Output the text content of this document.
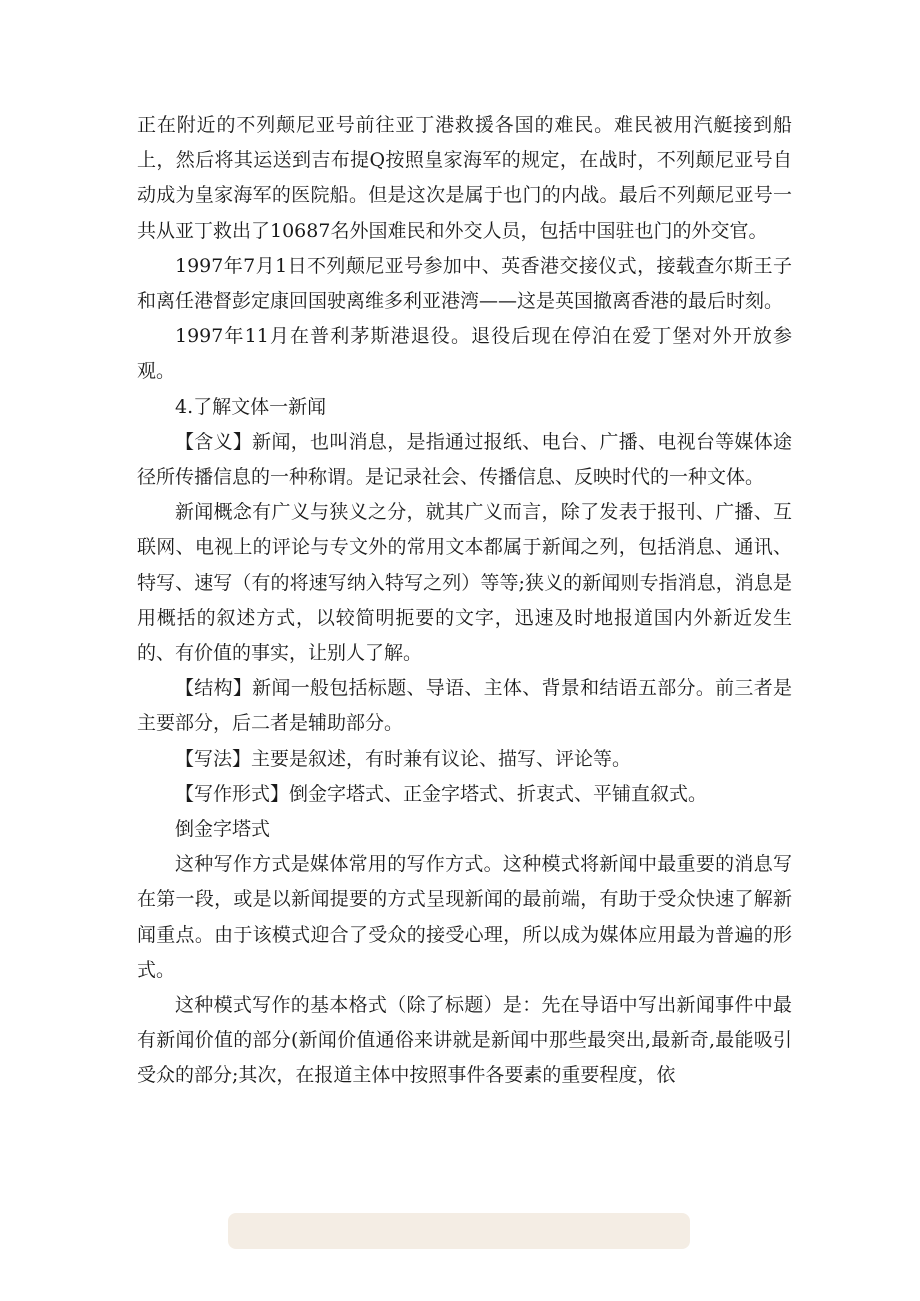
正在附近的不列颠尼亚号前往亚丁港救援各国的难民。难民被用汽艇接到船上，然后将其运送到吉布提Q按照皇家海军的规定，在战时，不列颠尼亚号自动成为皇家海军的医院船。但是这次是属于也门的内战。最后不列颠尼亚号一共从亚丁救出了10687名外国难民和外交人员，包括中国驻也门的外交官。

1997年7月1日不列颠尼亚号参加中、英香港交接仪式，接载查尔斯王子和离任港督彭定康回国驶离维多利亚港湾——这是英国撤离香港的最后时刻。

1997年11月在普利茅斯港退役。退役后现在停泊在爱丁堡对外开放参观。

4.了解文体一新闻

【含义】新闻，也叫消息，是指通过报纸、电台、广播、电视台等媒体途径所传播信息的一种称谓。是记录社会、传播信息、反映时代的一种文体。

新闻概念有广义与狭义之分，就其广义而言，除了发表于报刊、广播、互联网、电视上的评论与专文外的常用文本都属于新闻之列，包括消息、通讯、特写、速写（有的将速写纳入特写之列）等等;狭义的新闻则专指消息，消息是用概括的叙述方式，以较简明扼要的文字，迅速及时地报道国内外新近发生的、有价值的事实，让别人了解。

【结构】新闻一般包括标题、导语、主体、背景和结语五部分。前三者是主要部分，后二者是辅助部分。

【写法】主要是叙述，有时兼有议论、描写、评论等。

【写作形式】倒金字塔式、正金字塔式、折衷式、平铺直叙式。

倒金字塔式

这种写作方式是媒体常用的写作方式。这种模式将新闻中最重要的消息写在第一段，或是以新闻提要的方式呈现新闻的最前端，有助于受众快速了解新闻重点。由于该模式迎合了受众的接受心理，所以成为媒体应用最为普遍的形式。

这种模式写作的基本格式（除了标题）是：先在导语中写出新闻事件中最有新闻价值的部分(新闻价值通俗来讲就是新闻中那些最突出,最新奇,最能吸引受众的部分;其次，在报道主体中按照事件各要素的重要程度，依
